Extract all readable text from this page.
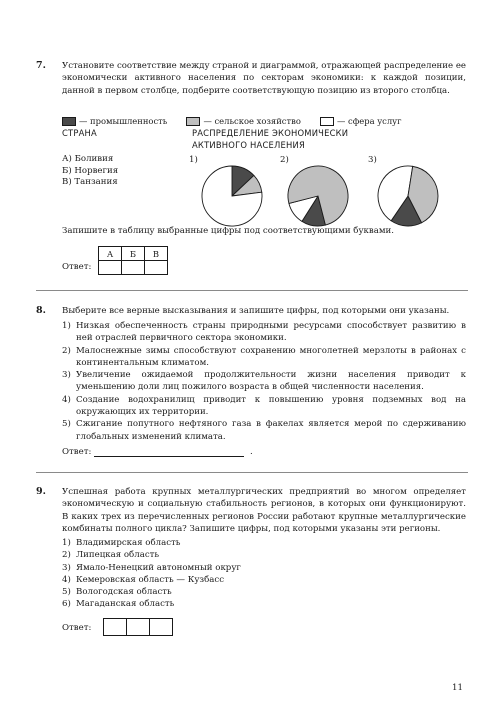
7. Установите соответствие между страной и диаграммой, отражающей распределение ее экономически активного населения по секторам экономики: к каждой позиции, данной в первом столбце, подберите соответствующую позицию из второго столбца.
— промышленность	— сельское хозяйство	— сфера услуг
СТРАНА	РАСПРЕДЕЛЕНИЕ ЭКОНОМИЧЕСКИ
АКТИВНОГО НАСЕЛЕНИЯ
А) Боливия
Б) Норвегия
В) Танзания
1)	2)	3)
Запишите в таблицу выбранные цифры под соответствующими буквами.
Ответ:
А	Б	В

8. Выберите все верные высказывания и запишите цифры, под которыми они указаны.
1) Низкая обеспеченность страны природными ресурсами способствует развитию в ней отраслей первичного сектора экономики.
2) Малоснежные зимы способствуют сохранению многолетней мерзлоты в районах с континентальным климатом.
3) Увеличение ожидаемой продолжительности жизни населения приводит к уменьшению доли лиц пожилого возраста в общей численности населения.
4) Создание водохранилищ приводит к повышению уровня подземных вод на окружающих их территории.
5) Сжигание попутного нефтяного газа в факелах является мерой по сдерживанию глобальных изменений климата.
Ответ:	.
9. Успешная работа крупных металлургических предприятий во многом определяет экономическую и социальную стабильность регионов, в которых они функционируют. В каких трех из перечисленных регионов России работают крупные металлургические комбинаты полного цикла? Запишите цифры, под которыми указаны эти регионы.
1) Владимирская область
2) Липецкая область
3) Ямало-Ненецкий автономный округ
4) Кемеровская область — Кузбасс
5) Вологодская область
6) Магаданская область
Ответ:

11
